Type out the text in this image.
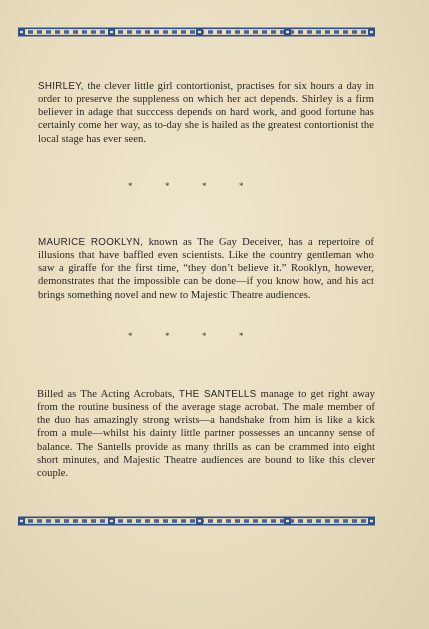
SHIRLEY, the clever little girl contortionist, practises for six hours a day in order to preserve the suppleness on which her act depends. Shirley is a firm believer in adage that succcess depends on hard work, and good fortune has certainly come her way, as to-day she is hailed as the greatest contortionist the local stage has ever seen.

*	*	*	*

MAURICE ROOKLYN, known as The Gay Deceiver, has a repertoire of illusions that have baffled even scientists. Like the country gentleman who saw a giraffe for the first time, “they don’t believe it.” Rooklyn, however, demonstrates that the impossible can be done—if you know how, and his act brings something novel and new to Majestic Theatre audiences.

*	*	*	*

Billed as The Acting Acrobats, THE SANTELLS manage to get right away from the routine business of the average stage acrobat. The male member of the duo has amazingly strong wrists—a handshake from him is like a kick from a mule—whilst his dainty little partner possesses an uncanny sense of balance. The Santells provide as many thrills as can be crammed into eight short minutes, and Majestic Theatre audiences are bound to like this clever couple.
